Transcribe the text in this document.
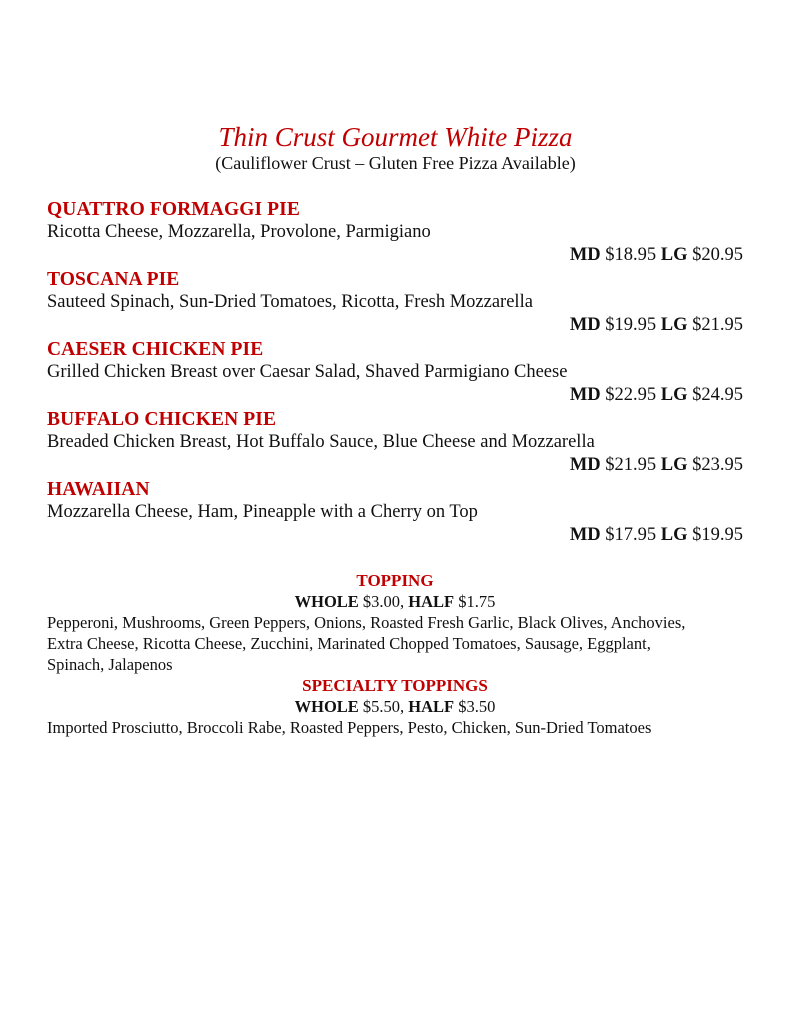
Thin Crust Gourmet White Pizza
(Cauliflower Crust – Gluten Free Pizza Available)
QUATTRO FORMAGGI PIE
Ricotta Cheese, Mozzarella, Provolone, Parmigiano
MD $18.95 LG $20.95
TOSCANA PIE
Sauteed Spinach, Sun-Dried Tomatoes, Ricotta, Fresh Mozzarella
MD $19.95 LG $21.95
CAESER CHICKEN PIE
Grilled Chicken Breast over Caesar Salad, Shaved Parmigiano Cheese
MD $22.95 LG $24.95
BUFFALO CHICKEN PIE
Breaded Chicken Breast, Hot Buffalo Sauce, Blue Cheese and Mozzarella
MD $21.95 LG $23.95
HAWAIIAN
Mozzarella Cheese, Ham, Pineapple with a Cherry on Top
MD $17.95 LG $19.95
TOPPING
WHOLE $3.00, HALF $1.75
Pepperoni, Mushrooms, Green Peppers, Onions, Roasted Fresh Garlic, Black Olives, Anchovies,
Extra Cheese, Ricotta Cheese, Zucchini, Marinated Chopped Tomatoes, Sausage, Eggplant,
Spinach, Jalapenos
SPECIALTY TOPPINGS
WHOLE $5.50, HALF $3.50
Imported Prosciutto, Broccoli Rabe, Roasted Peppers, Pesto, Chicken, Sun-Dried Tomatoes
